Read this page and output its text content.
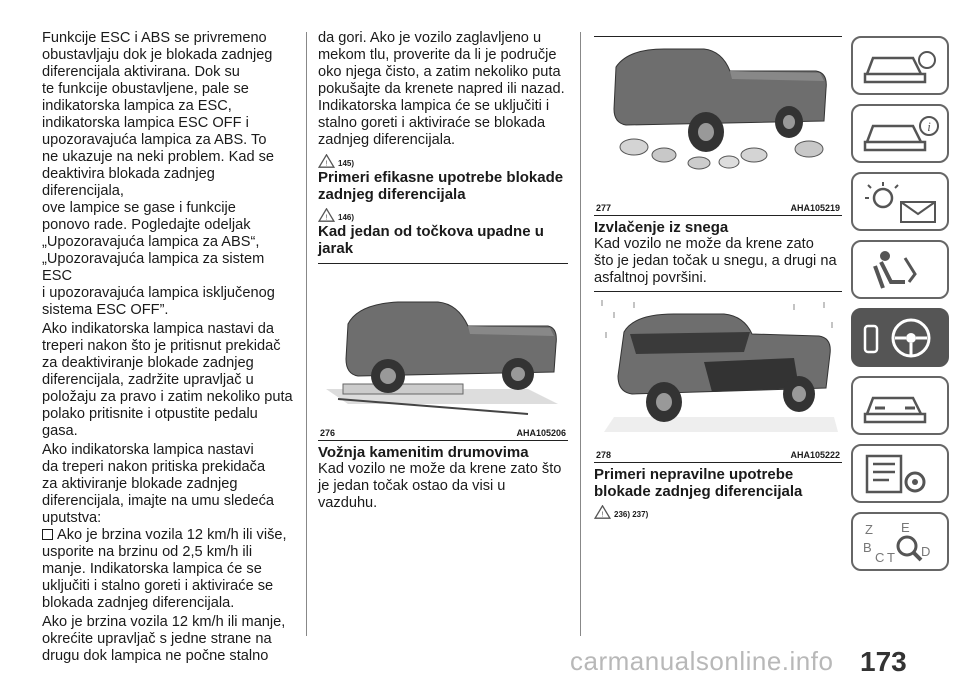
Funkcije ESC i ABS se privremeno
obustavljaju dok je blokada zadnjeg
diferencijala aktivirana. Dok su
te funkcije obustavljene, pale se
indikatorska lampica za ESC,
indikatorska lampica ESC OFF i
upozoravajuća lampica za ABS. To
ne ukazuje na neki problem. Kad se
deaktivira blokada zadnjeg diferencijala,
ove lampice se gase i funkcije
ponovo rade. Pogledajte odeljak
„Upozoravajuća lampica za ABS“,
„Upozoravajuća lampica za sistem ESC
i upozoravajuća lampica isključenog
sistema ESC OFF”.

Ako indikatorska lampica nastavi da
treperi nakon što je pritisnut prekidač
za deaktiviranje blokade zadnjeg
diferencijala, zadržite upravljač u
položaju za pravo i zatim nekoliko puta
polako pritisnite i otpustite pedalu gasa.

Ako indikatorska lampica nastavi
da treperi nakon pritiska prekidača
za aktiviranje blokade zadnjeg
diferencijala, imajte na umu sledeća
uputstva:

Ako je brzina vozila 12 km/h ili više,

usporite na brzinu od 2,5 km/h ili
manje. Indikatorska lampica će se
uključiti i stalno goreti i aktiviraće se
blokada zadnjeg diferencijala.

Ako je brzina vozila 12 km/h ili manje,
okrećite upravljač s jedne strane na
drugu dok lampica ne počne stalno

da gori. Ako je vozilo zaglavljeno u
mekom tlu, proverite da li je područje
oko njega čisto, a zatim nekoliko puta
pokušajte da krenete napred ili nazad.
Indikatorska lampica će se uključiti i
stalno goreti i aktiviraće se blokada
zadnjeg diferencijala.

! 145)
Primeri efikasne upotrebe blokade
zadnjeg diferencijala
! 146)
Kad jedan od točkova upadne u
jarak
276	AHA105206
Vožnja kamenitim drumovima

Kad vozilo ne može da krene zato što
je jedan točak ostao da visi u vazduhu.

277	AHA105219
Izvlačenje iz snega

Kad vozilo ne može da krene zato
što je jedan točak u snegu, a drugi na
asfaltnoj površini.

278	AHA105222
Primeri nepravilne upotrebe
blokade zadnjeg diferencijala
! 236) 237)
i
Z E
B
C T D
carmanualsonline.info 173
